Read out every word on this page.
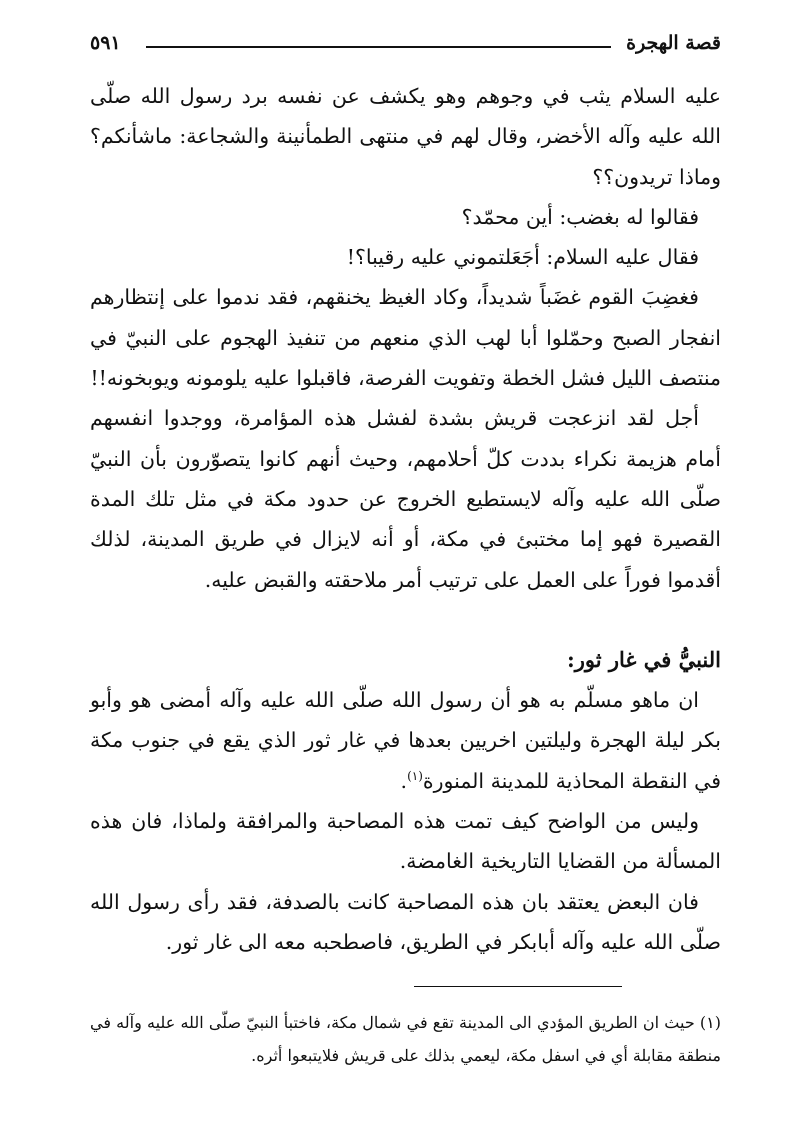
قصة الهجرة
٥٩١

عليه السلام يثب في وجوهم وهو يكشف عن نفسه برد رسول الله صلّى الله عليه وآله الأخضر، وقال لهم في منتهى الطمأنينة والشجاعة: ماشأنكم؟ وماذا تريدون؟؟

فقالوا له بغضب: أين محمّد؟

فقال عليه السلام: أجَعَلتموني عليه رقيبا؟!

فغضِبَ القوم غضَباً شديداً، وكاد الغيظ يخنقهم، فقد ندموا على إنتظارهم انفجار الصبح وحمّلوا أبا لهب الذي منعهم من تنفيذ الهجوم على النبيّ في منتصف الليل فشل الخطة وتفويت الفرصة، فاقبلوا عليه يلومونه ويوبخونه!!

أجل لقد انزعجت قريش بشدة لفشل هذه المؤامرة، ووجدوا انفسهم أمام هزيمة نكراء بددت كلّ أحلامهم، وحيث أنهم كانوا يتصوّرون بأن النبيّ صلّى الله عليه وآله لايستطيع الخروج عن حدود مكة في مثل تلك المدة القصيرة فهو إما مختبئ في مكة، أو أنه لايزال في طريق المدينة، لذلك أقدموا فوراً على العمل على ترتيب أمر ملاحقته والقبض عليه.

النبيُّ في غار ثور:

ان ماهو مسلّم به هو أن رسول الله صلّى الله عليه وآله أمضى هو وأبو بكر ليلة الهجرة وليلتين اخريين بعدها في غار ثور الذي يقع في جنوب مكة في النقطة المحاذية للمدينة المنورة$^{(١)}$.

وليس من الواضح كيف تمت هذه المصاحبة والمرافقة ولماذا، فان هذه المسألة من القضايا التاريخية الغامضة.

فان البعض يعتقد بان هذه المصاحبة كانت بالصدفة، فقد رأى رسول الله صلّى الله عليه وآله أبابكر في الطريق، فاصطحبه معه الى غار ثور.

(١) حيث ان الطريق المؤدي الى المدينة تقع في شمال مكة، فاختبأ النبيّ صلّى الله عليه وآله في منطقة مقابلة أي في اسفل مكة، ليعمي بذلك على قريش فلايتبعوا أثره.
